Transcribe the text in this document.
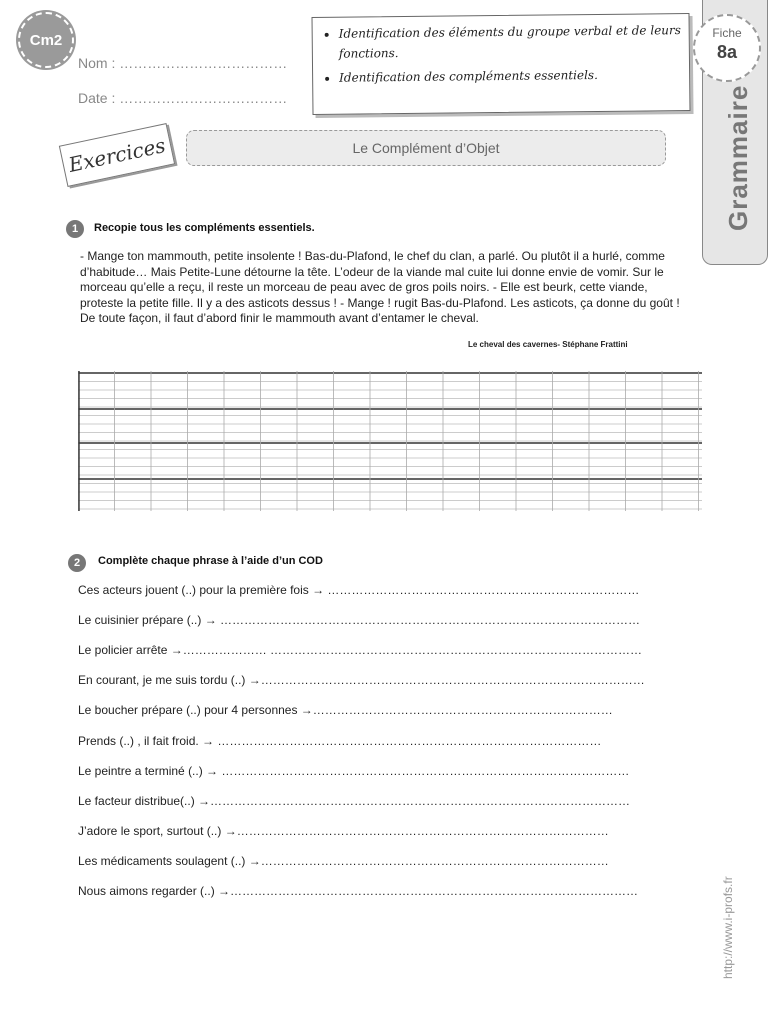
Cm2
Nom : ………………………………
Date : ………………………………
• Identification des éléments du groupe verbal et de leurs fonctions.
• Identification des compléments essentiels.
Fiche
8a
Grammaire
Exercices	Le Complément d’Objet
1	Recopie tous les compléments essentiels.
- Mange ton mammouth, petite insolente ! Bas-du-Plafond, le chef du clan, a parlé. Ou plutôt il a hurlé, comme d’habitude… Mais Petite-Lune détourne la tête. L’odeur de la viande mal cuite lui donne envie de vomir. Sur le morceau qu’elle a reçu, il reste un morceau de peau avec de gros poils noirs. - Elle est beurk, cette viande, proteste la petite fille. Il y a des asticots dessus ! - Mange ! rugit Bas-du-Plafond. Les asticots, ça donne du goût ! De toute façon, il faut d’abord finir le mammouth avant d’entamer le cheval.
Le cheval des cavernes- Stéphane Frattini
2	Complète chaque phrase à l’aide d’un COD
Ces acteurs jouent (..) pour la première fois → ……………………………………………………………………
Le cuisinier prépare (..) → ……………………………………………………………………………………………
Le policier arrête →………………… …………………………………………………………………………………
En courant, je me suis tordu (..) →……………………………………………………………………………………
Le boucher prépare (..) pour 4 personnes →…………………………………………………………………
Prends (..) , il fait froid. → ……………………………………………………………………………………
Le peintre a terminé (..) → …………………………………………………………………………………………
Le facteur distribue(..) →……………………………………………………………………………………………
J’adore le sport, surtout (..) →…………………………………………………………………………………
Les médicaments soulagent (..) →……………………………………………………………………………
Nous aimons regarder (..) →…………………………………………………………………………………………	http://www.i-profs.fr
